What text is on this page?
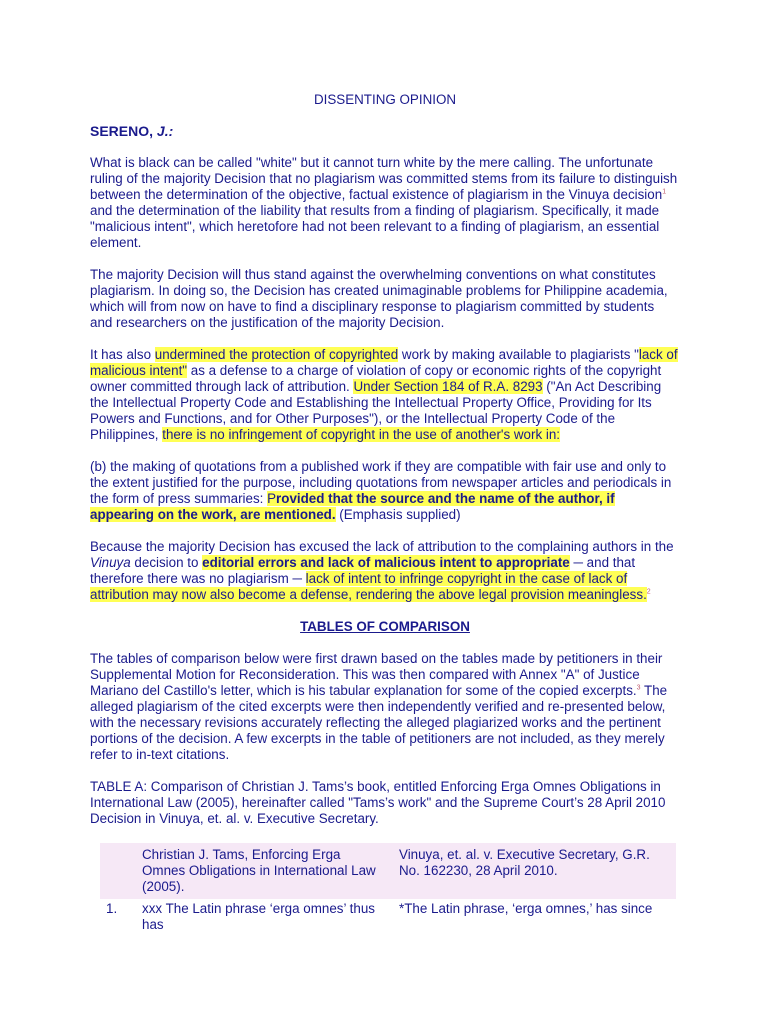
DISSENTING OPINION

SERENO, J.:

What is black can be called "white" but it cannot turn white by the mere calling. The unfortunate ruling of the majority Decision that no plagiarism was committed stems from its failure to distinguish between the determination of the objective, factual existence of plagiarism in the Vinuya decision$^1$ and the determination of the liability that results from a finding of plagiarism. Specifically, it made "malicious intent", which heretofore had not been relevant to a finding of plagiarism, an essential element.

The majority Decision will thus stand against the overwhelming conventions on what constitutes plagiarism. In doing so, the Decision has created unimaginable problems for Philippine academia, which will from now on have to find a disciplinary response to plagiarism committed by students and researchers on the justification of the majority Decision.

It has also undermined the protection of copyrighted work by making available to plagiarists "lack of malicious intent" as a defense to a charge of violation of copy or economic rights of the copyright owner committed through lack of attribution. Under Section 184 of R.A. 8293 ("An Act Describing the Intellectual Property Code and Establishing the Intellectual Property Office, Providing for Its Powers and Functions, and for Other Purposes"), or the Intellectual Property Code of the Philippines, there is no infringement of copyright in the use of another's work in:

(b) the making of quotations from a published work if they are compatible with fair use and only to the extent justified for the purpose, including quotations from newspaper articles and periodicals in the form of press summaries: Provided that the source and the name of the author, if appearing on the work, are mentioned. (Emphasis supplied)

Because the majority Decision has excused the lack of attribution to the complaining authors in the Vinuya decision to editorial errors and lack of malicious intent to appropriate ─ and that therefore there was no plagiarism ─ lack of intent to infringe copyright in the case of lack of attribution may now also become a defense, rendering the above legal provision meaningless.$^2$

TABLES OF COMPARISON

The tables of comparison below were first drawn based on the tables made by petitioners in their Supplemental Motion for Reconsideration. This was then compared with Annex "A" of Justice Mariano del Castillo's letter, which is his tabular explanation for some of the copied excerpts.$^3$ The alleged plagiarism of the cited excerpts were then independently verified and re-presented below, with the necessary revisions accurately reflecting the alleged plagiarized works and the pertinent portions of the decision. A few excerpts in the table of petitioners are not included, as they merely refer to in-text citations.

TABLE A: Comparison of Christian J. Tams’s book, entitled Enforcing Erga Omnes Obligations in International Law (2005), hereinafter called "Tams’s work" and the Supreme Court’s 28 April 2010 Decision in Vinuya, et. al. v. Executive Secretary.

	Christian J. Tams, Enforcing Erga Omnes Obligations in International Law (2005).	Vinuya, et. al. v. Executive Secretary, G.R. No. 162230, 28 April 2010.
1.	xxx The Latin phrase ‘erga omnes’ thus has	*The Latin phrase, ‘erga omnes,’ has since
